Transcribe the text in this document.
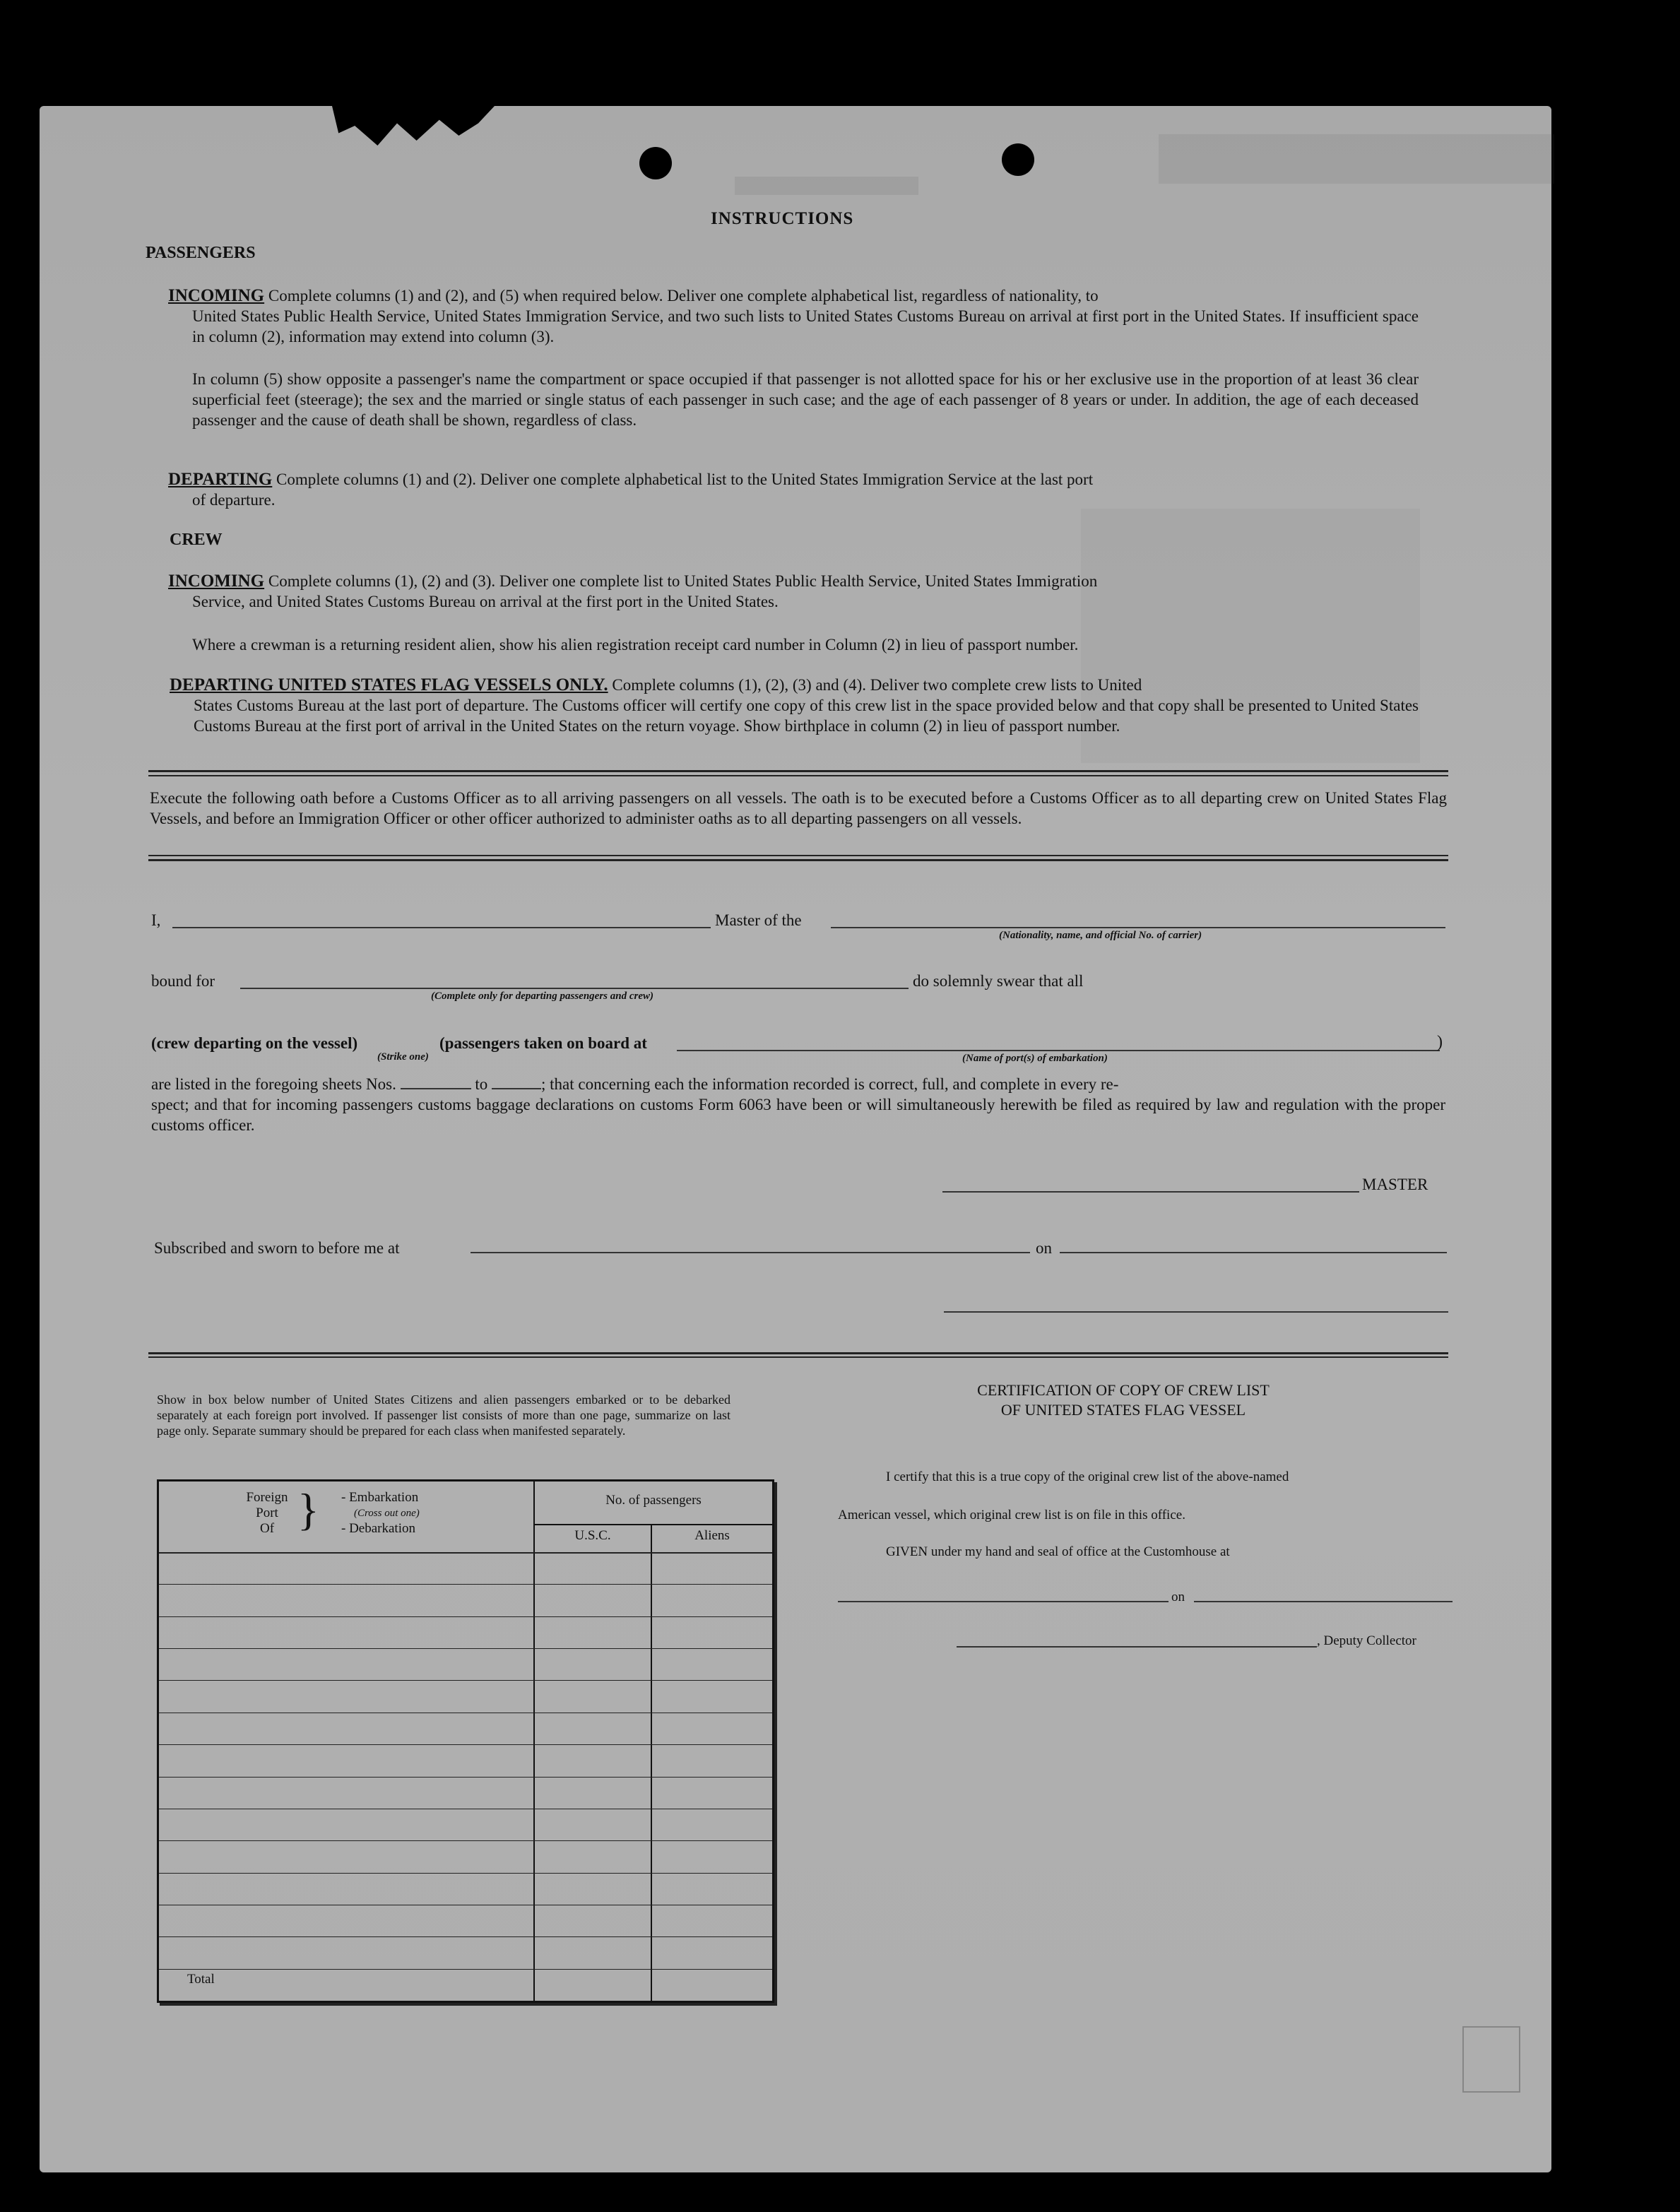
INSTRUCTIONS
PASSENGERS
INCOMING Complete columns (1) and (2), and (5) when required below. Deliver one complete alphabetical list, regardless of nationality, to
United States Public Health Service, United States Immigration Service, and two such lists to United States Customs Bureau on arrival at first port in the United States. If insufficient space in column (2), information may extend into column (3).
In column (5) show opposite a passenger's name the compartment or space occupied if that passenger is not allotted space for his or her exclusive use in the proportion of at least 36 clear superficial feet (steerage); the sex and the married or single status of each passenger in such case; and the age of each passenger of 8 years or under. In addition, the age of each deceased passenger and the cause of death shall be shown, regardless of class.
DEPARTING Complete columns (1) and (2). Deliver one complete alphabetical list to the United States Immigration Service at the last port
of departure.
CREW
INCOMING Complete columns (1), (2) and (3). Deliver one complete list to United States Public Health Service, United States Immigration
Service, and United States Customs Bureau on arrival at the first port in the United States.
Where a crewman is a returning resident alien, show his alien registration receipt card number in Column (2) in lieu of passport number.
DEPARTING UNITED STATES FLAG VESSELS ONLY. Complete columns (1), (2), (3) and (4). Deliver two complete crew lists to United
States Customs Bureau at the last port of departure. The Customs officer will certify one copy of this crew list in the space provided below and that copy shall be presented to United States Customs Bureau at the first port of arrival in the United States on the return voyage. Show birthplace in column (2) in lieu of passport number.
Execute the following oath before a Customs Officer as to all arriving passengers on all vessels. The oath is to be executed before a Customs Officer as to all departing crew on United States Flag Vessels, and before an Immigration Officer or other officer authorized to administer oaths as to all departing passengers on all vessels.
I,	Master of the
(Nationality, name, and official No. of carrier)
bound for
(Complete only for departing passengers and crew)
do solemnly swear that all
(crew departing on the vessel)	(passengers taken on board at
(Strike one)	(Name of port(s) of embarkation)
)
are listed in the foregoing sheets Nos.	to	; that concerning each the information recorded is correct, full, and complete in every re-
spect; and that for incoming passengers customs baggage declarations on customs Form 6063 have been or will simultaneously herewith be filed as required by law and regulation with the proper customs officer.
MASTER
Subscribed and sworn to before me at	on
Show in box below number of United States Citizens and alien passengers embarked or to be debarked separately at each foreign port involved. If passenger list consists of more than one page, summarize on last page only. Separate summary should be prepared for each class when manifested separately.
Foreign
Port
Of } - Embarkation
(Cross out one)
- Debarkation
No. of passengers
U.S.C.	Aliens
Total
CERTIFICATION OF COPY OF CREW LIST
OF UNITED STATES FLAG VESSEL
I certify that this is a true copy of the original crew list of the above-named
American vessel, which original crew list is on file in this office.
GIVEN under my hand and seal of office at the Customhouse at
on
, Deputy Collector
